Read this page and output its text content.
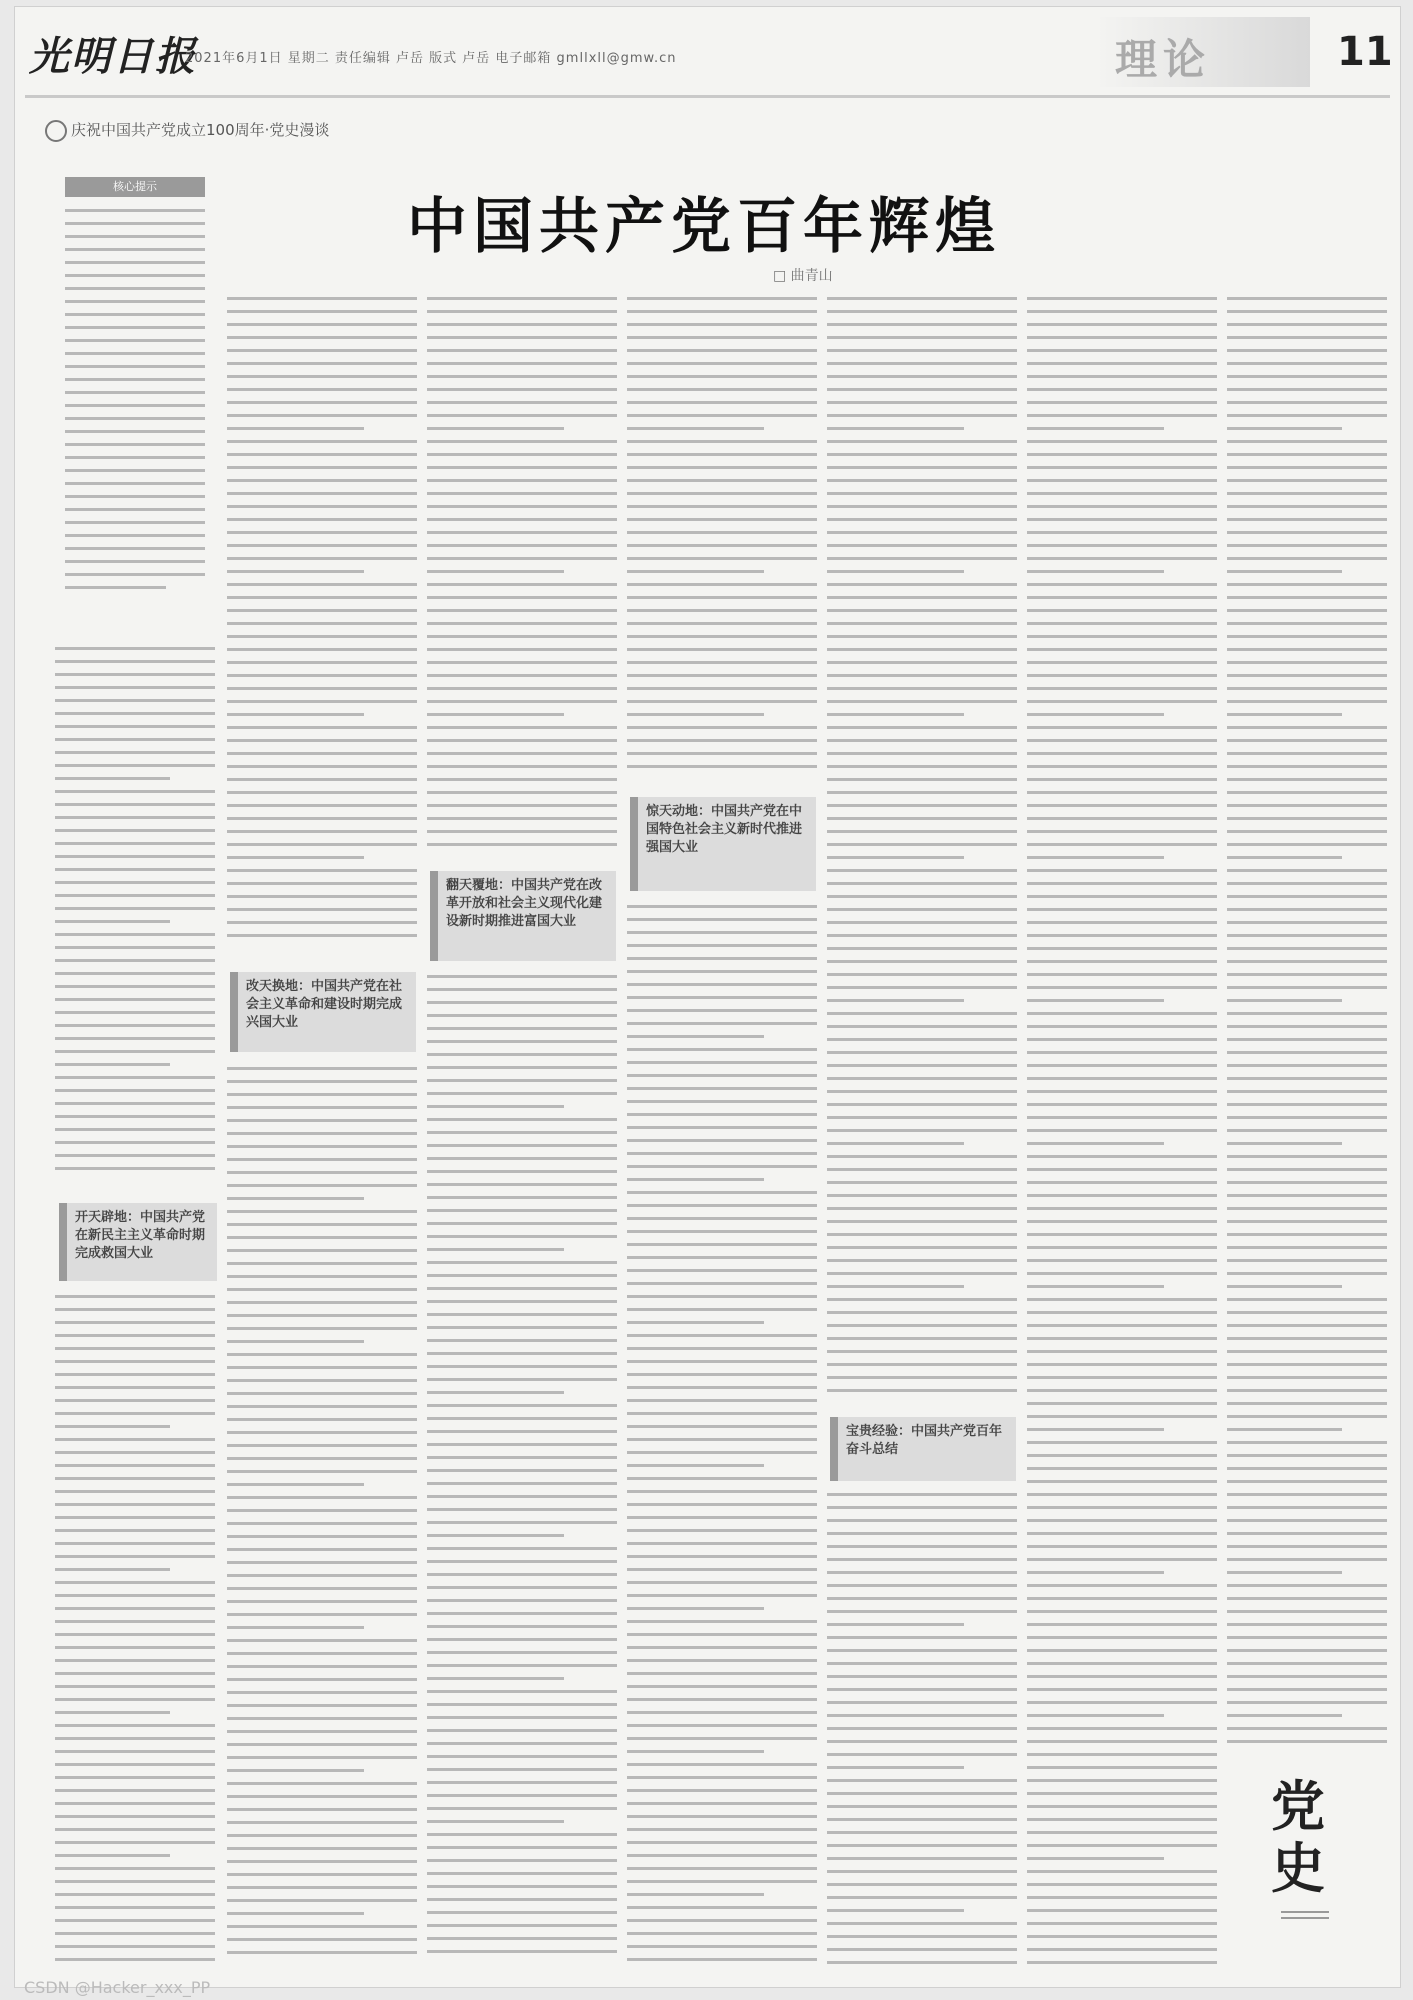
光明日报
2021年6月1日 星期二 责任编辑 卢岳 版式 卢岳 电子邮箱 gmllxll@gmw.cn	理论	11
庆祝中国共产党成立100周年·党史漫谈
中国共产党百年辉煌
□ 曲青山
核心提示
开天辟地：中国共产党在新民主主义革命时期完成救国大业
改天换地：中国共产党在社会主义革命和建设时期完成兴国大业
翻天覆地：中国共产党在改革开放和社会主义现代化建设新时期推进富国大业
惊天动地：中国共产党在中国特色社会主义新时代推进强国大业
宝贵经验：中国共产党百年奋斗总结
党史
CSDN @Hacker_xxx_PP
